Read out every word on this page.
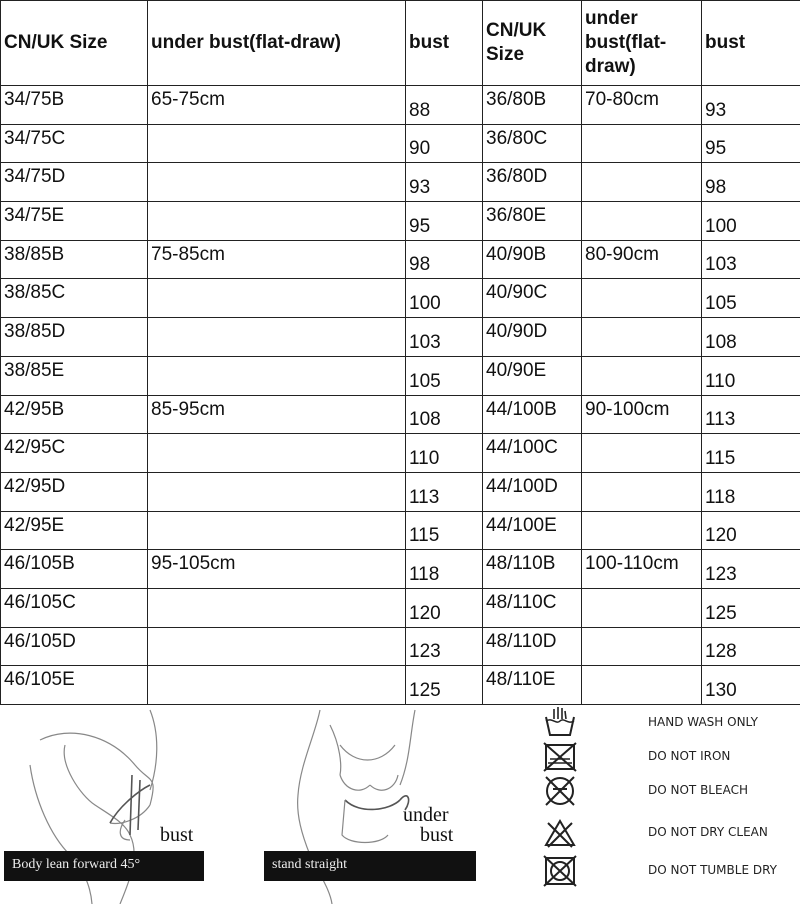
CN/UK Size	under bust(flat-draw)	bust	CN/UK Size	under bust(flat-draw)	bust
34/75B	65-75cm	88	36/80B	70-80cm	93
34/75C		90	36/80C		95
34/75D		93	36/80D		98
34/75E		95	36/80E		100
38/85B	75-85cm	98	40/90B	80-90cm	103
38/85C		100	40/90C		105
38/85D		103	40/90D		108
38/85E		105	40/90E		110
42/95B	85-95cm	108	44/100B	90-100cm	113
42/95C		110	44/100C		115
42/95D		113	44/100D		118
42/95E		115	44/100E		120
46/105B	95-105cm	118	48/110B	100-110cm	123
46/105C		120	48/110C		125
46/105D		123	48/110D		128
46/105E		125	48/110E		130
bust
Body lean forward 45°
under
bust
stand straight
HAND WASH ONLY
DO NOT IRON
DO NOT BLEACH
DO NOT DRY CLEAN
DO NOT TUMBLE DRY
